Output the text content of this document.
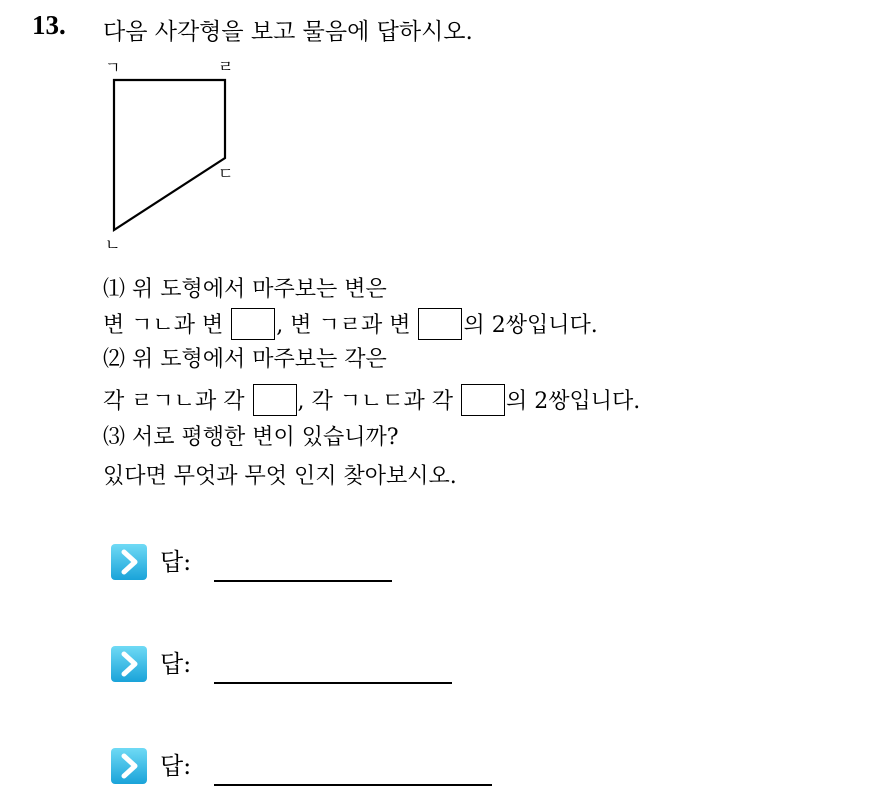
13. 다음 사각형을 보고 물음에 답하시오.
ㄱ	ㄹ
ㄷ
ㄴ
⑴ 위 도형에서 마주보는 변은
변 ㄱㄴ과 변 , 변 ㄱㄹ과 변 의 2쌍입니다.
⑵ 위 도형에서 마주보는 각은
각 ㄹㄱㄴ과 각 , 각 ㄱㄴㄷ과 각 의 2쌍입니다.
⑶ 서로 평행한 변이 있습니까?
있다면 무엇과 무엇 인지 찾아보시오.
답:
답:
답:
